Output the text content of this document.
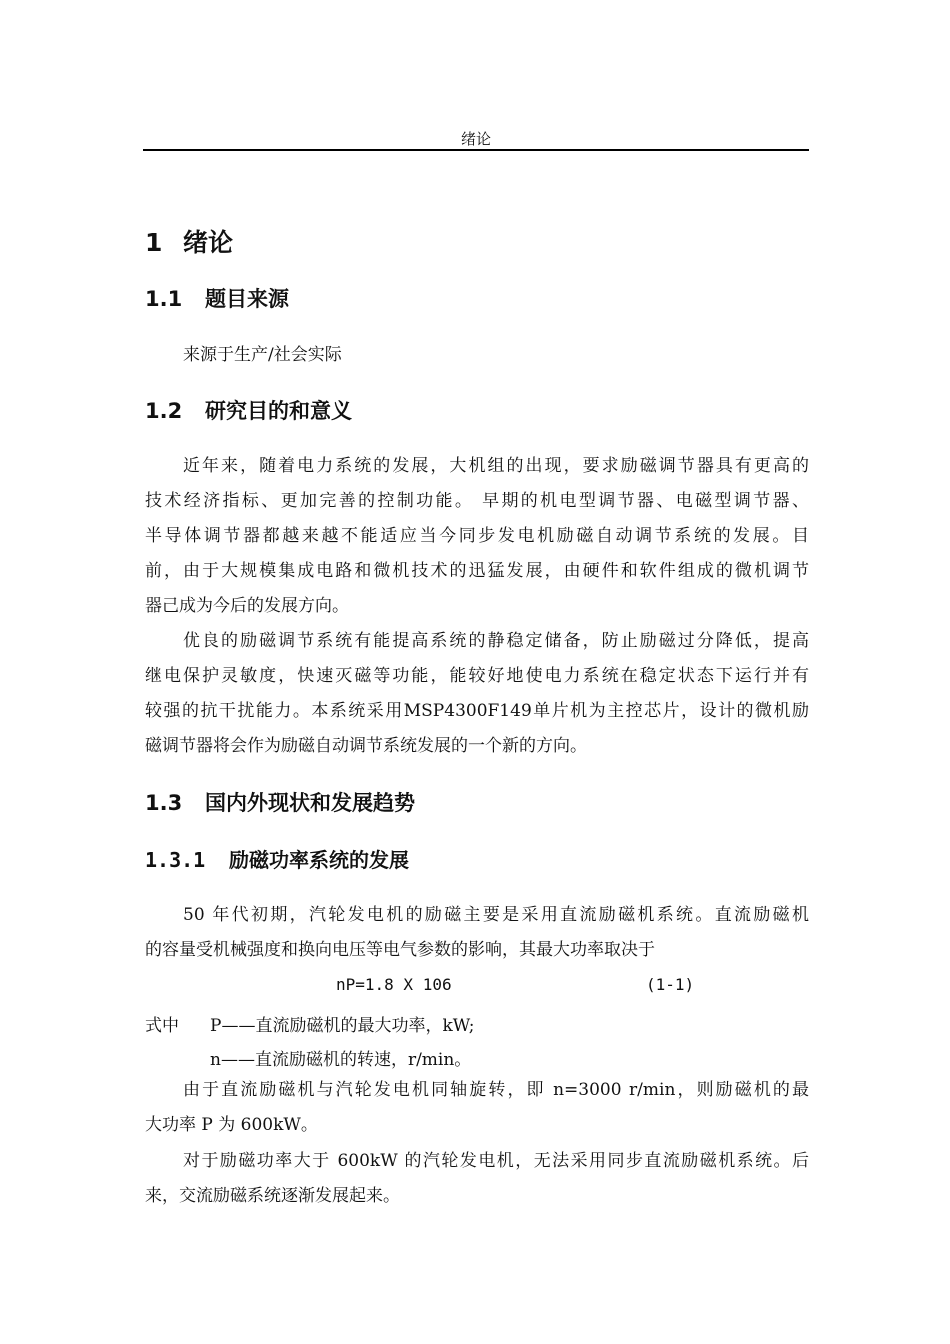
绪论
1 绪论
1.1 题目来源
来源于生产/社会实际
1.2 研究目的和意义
近年来，随着电力系统的发展，大机组的出现，要求励磁调节器具有更高的
技术经济指标、更加完善的控制功能。 早期的机电型调节器、电磁型调节器、
半导体调节器都越来越不能适应当今同步发电机励磁自动调节系统的发展。目
前，由于大规模集成电路和微机技术的迅猛发展，由硬件和软件组成的微机调节
器己成为今后的发展方向。
优良的励磁调节系统有能提高系统的静稳定储备，防止励磁过分降低，提高
继电保护灵敏度，快速灭磁等功能，能较好地使电力系统在稳定状态下运行并有
较强的抗干扰能力。本系统采用MSP4300F149单片机为主控芯片，设计的微机励
磁调节器将会作为励磁自动调节系统发展的一个新的方向。
1.3 国内外现状和发展趋势
1.3.1 励磁功率系统的发展
50 年代初期，汽轮发电机的励磁主要是采用直流励磁机系统。直流励磁机
的容量受机械强度和换向电压等电气参数的影响，其最大功率取决于
nP=1.8 X 106	(1-1)
式中 P——直流励磁机的最大功率，kW;
n——直流励磁机的转速，r/min。
由于直流励磁机与汽轮发电机同轴旋转，即 n=3000 r/min，则励磁机的最
大功率 P 为 600kW。
对于励磁功率大于 600kW 的汽轮发电机，无法采用同步直流励磁机系统。后
来，交流励磁系统逐渐发展起来。
